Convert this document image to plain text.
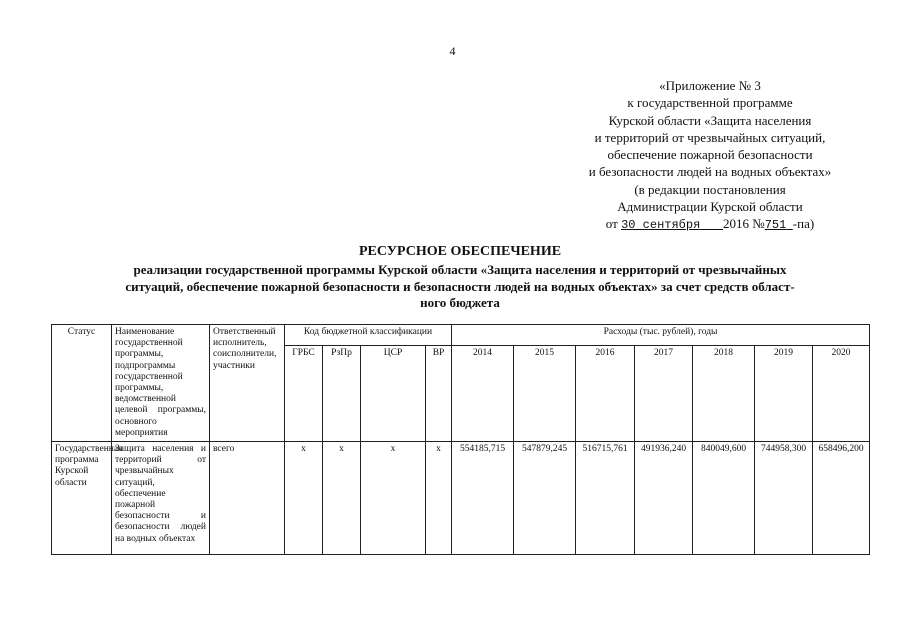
4
«Приложение № 3
к государственной программе
Курской области «Защита населения
и территорий от чрезвычайных ситуаций,
обеспечение пожарной безопасности
и безопасности людей на водных объектах»
(в редакции постановления
Администрации Курской области
от 30 сентября 2016 №751 -па)
РЕСУРСНОЕ ОБЕСПЕЧЕНИЕ
реализации государственной программы Курской области «Защита населения и территорий от чрезвычайных
ситуаций, обеспечение пожарной безопасности и безопасности людей на водных объектах» за счет средств област-
ного бюджета
Статус	Наименование государственной программы, подпрограммы государственной программы, ведомственной целевой программы, основного мероприятия	Ответственный исполнитель, соисполнители, участники	Код бюджетной классификации				Расходы (тыс. рублей), годы						
			ГРБС	РзПр	ЦСР	ВР	2014	2015	2016	2017	2018	2019	2020
Государственная программа Курской области	Защита населения и территорий от чрезвычайных ситуаций, обеспечение пожарной безопасности и безопасности людей на водных объектах	всего	x	x	x	x	554185,715	547879,245	516715,761	491936,240	840049,600	744958,300	658496,200
